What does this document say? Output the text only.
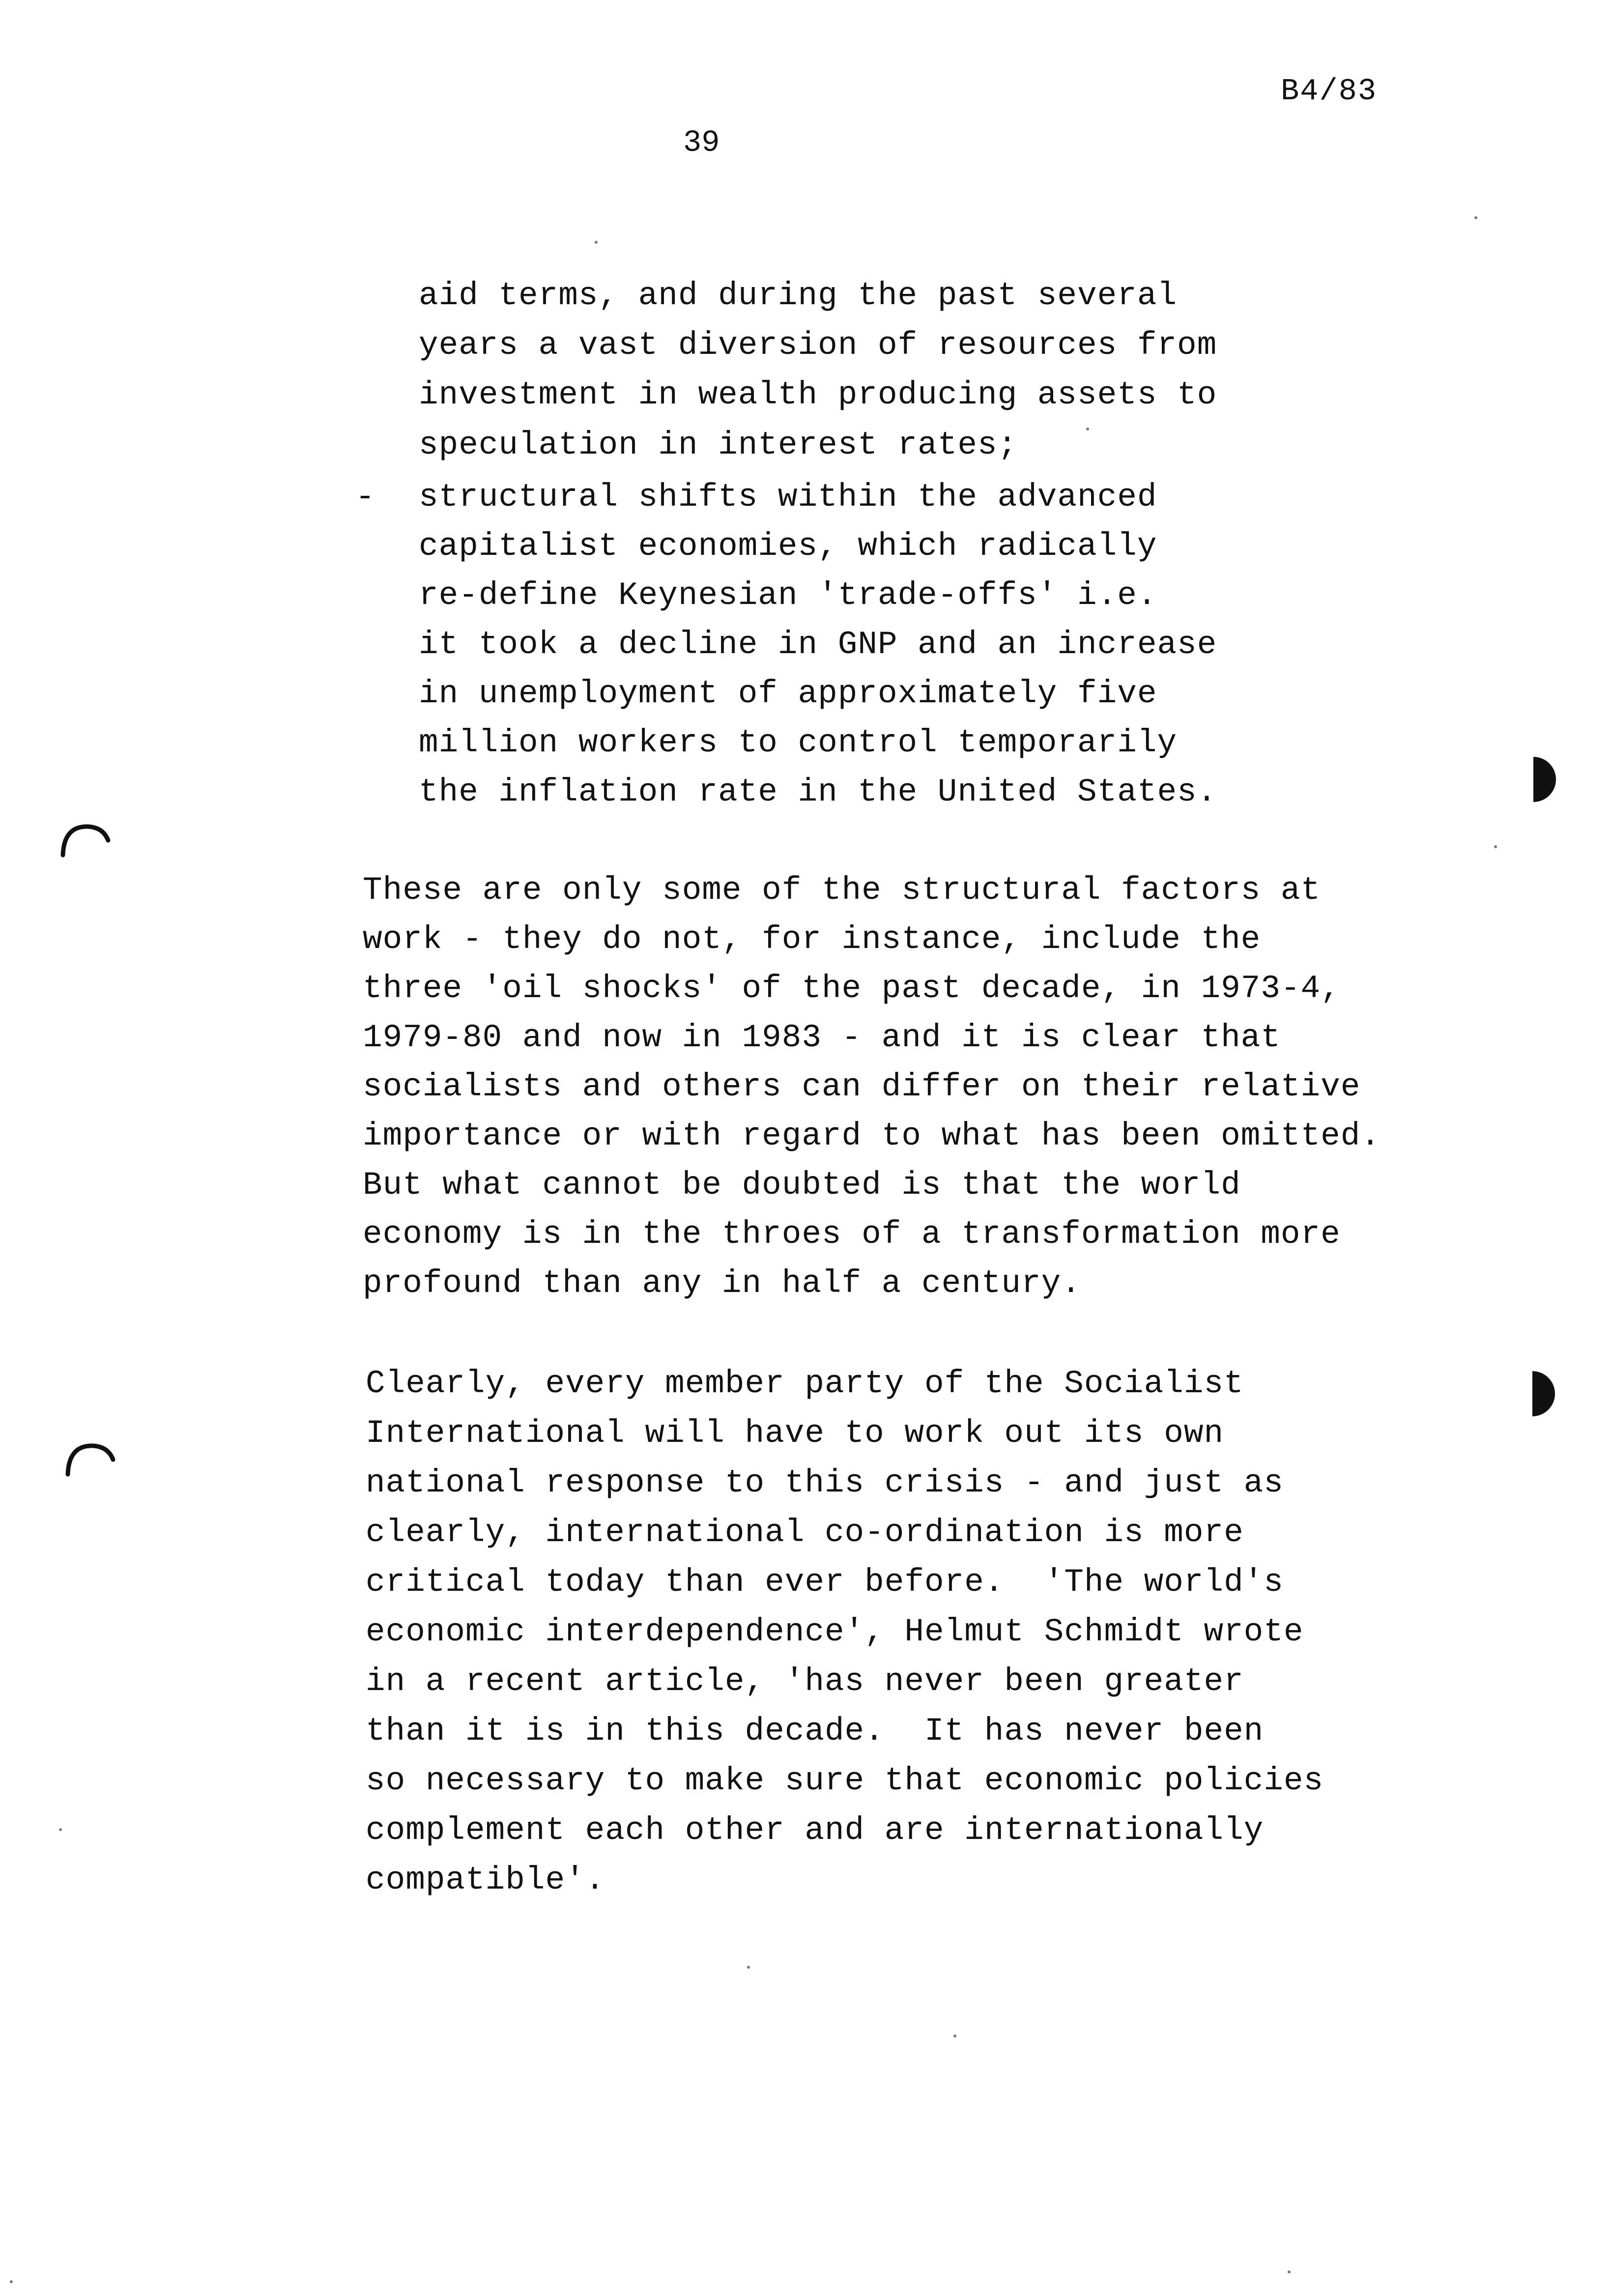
B4/83
39
aid terms, and during the past several
years a vast diversion of resources from
investment in wealth producing assets to
speculation in interest rates;
- structural shifts within the advanced
capitalist economies, which radically
re-define Keynesian 'trade-offs' i.e.
it took a decline in GNP and an increase
in unemployment of approximately five
million workers to control temporarily
the inflation rate in the United States.
These are only some of the structural factors at
work - they do not, for instance, include the
three 'oil shocks' of the past decade, in 1973-4,
1979-80 and now in 1983 - and it is clear that
socialists and others can differ on their relative
importance or with regard to what has been omitted.
But what cannot be doubted is that the world
economy is in the throes of a transformation more
profound than any in half a century.
Clearly, every member party of the Socialist
International will have to work out its own
national response to this crisis - and just as
clearly, international co-ordination is more
critical today than ever before.  'The world's
economic interdependence', Helmut Schmidt wrote
in a recent article, 'has never been greater
than it is in this decade.  It has never been
so necessary to make sure that economic policies
complement each other and are internationally
compatible'.
